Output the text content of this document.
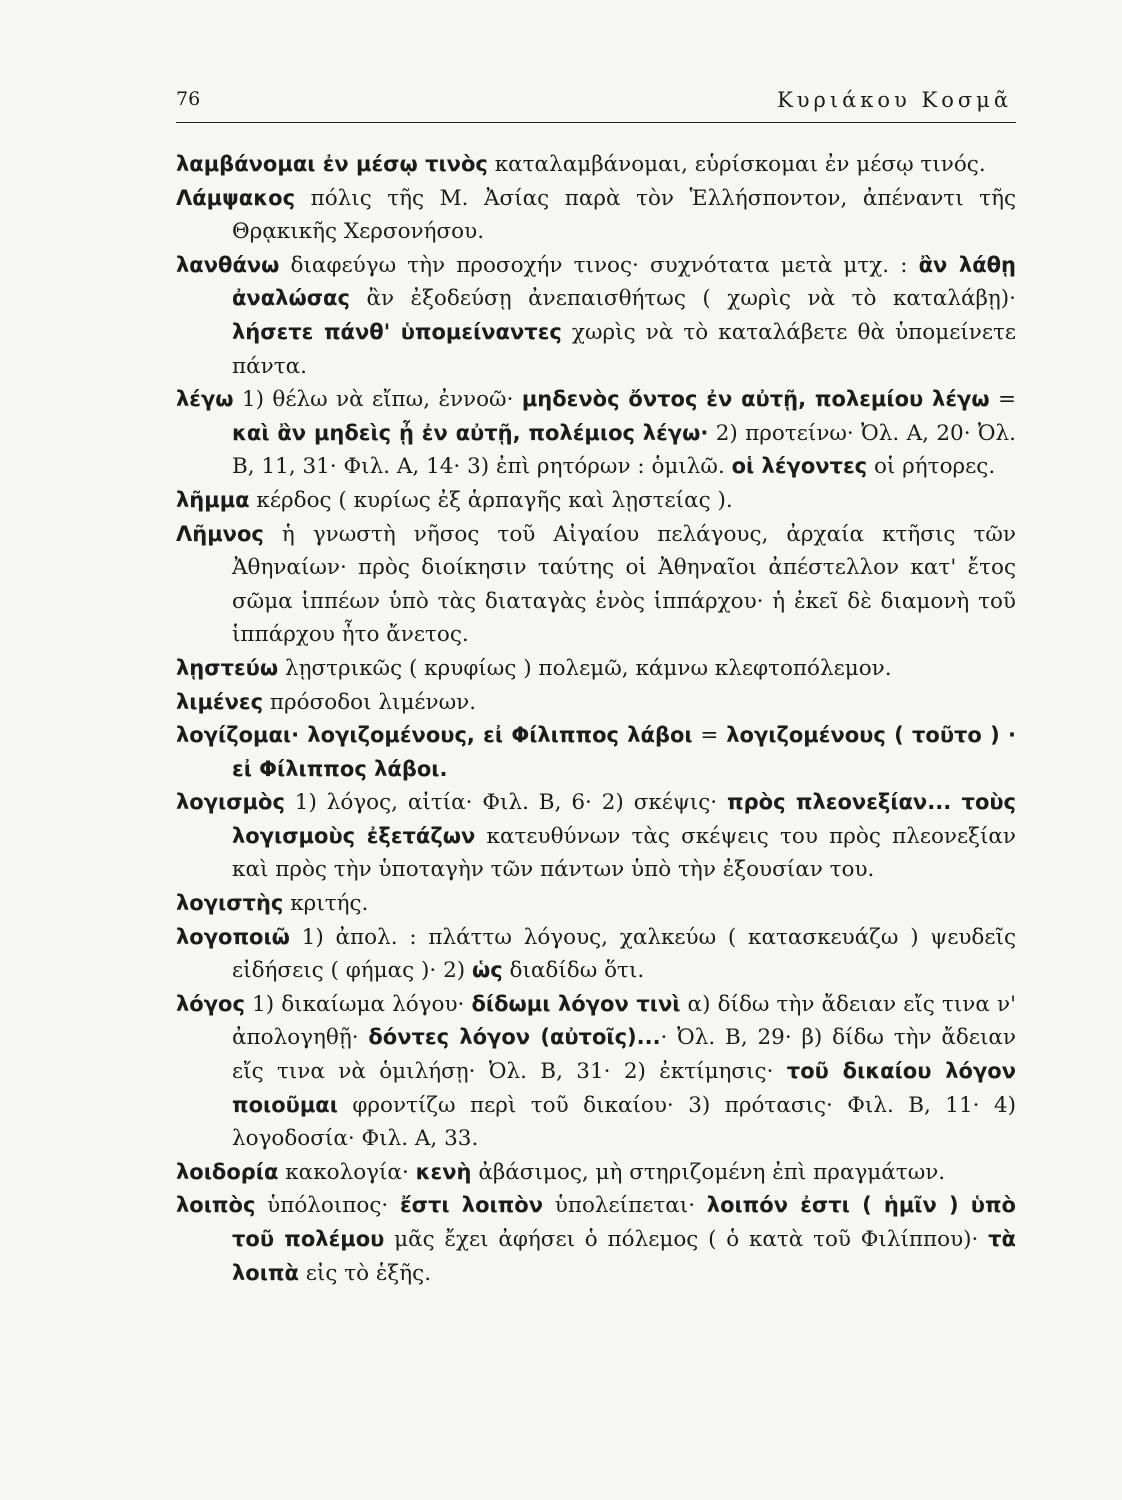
76	Κυριάκου Κοσμᾶ
λαμβάνομαι ἐν μέσῳ τινὸς καταλαμβάνομαι, εὑρίσκομαι ἐν μέσῳ τινός.
Λάμψακος πόλις τῆς Μ. Ἀσίας παρὰ τὸν Ἑλλήσποντον, ἀπέναντι τῆς Θρᾳκικῆς Χερσονήσου.
λανθάνω διαφεύγω τὴν προσοχήν τινος· συχνότατα μετὰ μτχ. : ἂν λάθῃ ἀναλώσας ἂν ἐξοδεύσῃ ἀνεπαισθήτως ( χωρὶς νὰ τὸ καταλάβῃ)· λήσετε πάνθ' ὑπομείναντες χωρὶς νὰ τὸ καταλάβετε θὰ ὑπομείνετε πάντα.
λέγω 1) θέλω νὰ εἴπω, ἐννοῶ· μηδενὸς ὄντος ἐν αὐτῇ, πολεμίου λέγω = καὶ ἂν μηδεὶς ᾖ ἐν αὐτῇ, πολέμιος λέγω· 2) προτείνω· Ὀλ. Α, 20· Ὀλ. Β, 11, 31· Φιλ. Α, 14· 3) ἐπὶ ρητόρων : ὁμιλῶ. οἱ λέγοντες οἱ ρήτορες.
λῆμμα κέρδος ( κυρίως ἐξ ἁρπαγῆς καὶ λῃστείας ).
Λῆμνος ἡ γνωστὴ νῆσος τοῦ Αἰγαίου πελάγους, ἀρχαία κτῆσις τῶν Ἀθηναίων· πρὸς διοίκησιν ταύτης οἱ Ἀθηναῖοι ἀπέστελλον κατ' ἔτος σῶμα ἱππέων ὑπὸ τὰς διαταγὰς ἑνὸς ἱππάρχου· ἡ ἐκεῖ δὲ διαμονὴ τοῦ ἱππάρχου ἦτο ἄνετος.
λῃστεύω λῃστρικῶς ( κρυφίως ) πολεμῶ, κάμνω κλεφτοπόλεμον.
λιμένες πρόσοδοι λιμένων.
λογίζομαι· λογιζομένους, εἰ Φίλιππος λάβοι = λογιζομένους ( τοῦτο ) · εἰ Φίλιππος λάβοι.
λογισμὸς 1) λόγος, αἰτία· Φιλ. Β, 6· 2) σκέψις· πρὸς πλεονεξίαν... τοὺς λογισμοὺς ἐξετάζων κατευθύνων τὰς σκέψεις του πρὸς πλεονεξίαν καὶ πρὸς τὴν ὑποταγὴν τῶν πάντων ὑπὸ τὴν ἐξουσίαν του.
λογιστὴς κριτής.
λογοποιῶ 1) ἀπολ. : πλάττω λόγους, χαλκεύω ( κατασκευάζω ) ψευδεῖς εἰδήσεις ( φήμας )· 2) ὡς διαδίδω ὅτι.
λόγος 1) δικαίωμα λόγου· δίδωμι λόγον τινὶ α) δίδω τὴν ἄδειαν εἴς τινα ν' ἀπολογηθῇ· δόντες λόγον (αὐτοῖς)...· Ὀλ. Β, 29· β) δίδω τὴν ἄδειαν εἴς τινα νὰ ὁμιλήσῃ· Ὀλ. Β, 31· 2) ἐκτίμησις· τοῦ δικαίου λόγον ποιοῦμαι φροντίζω περὶ τοῦ δικαίου· 3) πρότασις· Φιλ. Β, 11· 4) λογοδοσία· Φιλ. Α, 33.
λοιδορία κακολογία· κενὴ ἀβάσιμος, μὴ στηριζομένη ἐπὶ πραγμάτων.
λοιπὸς ὑπόλοιπος· ἔστι λοιπὸν ὑπολείπεται· λοιπόν ἐστι ( ἡμῖν ) ὑπὸ τοῦ πολέμου μᾶς ἔχει ἀφήσει ὁ πόλεμος ( ὁ κατὰ τοῦ Φιλίππου)· τὰ λοιπὰ εἰς τὸ ἑξῆς.
